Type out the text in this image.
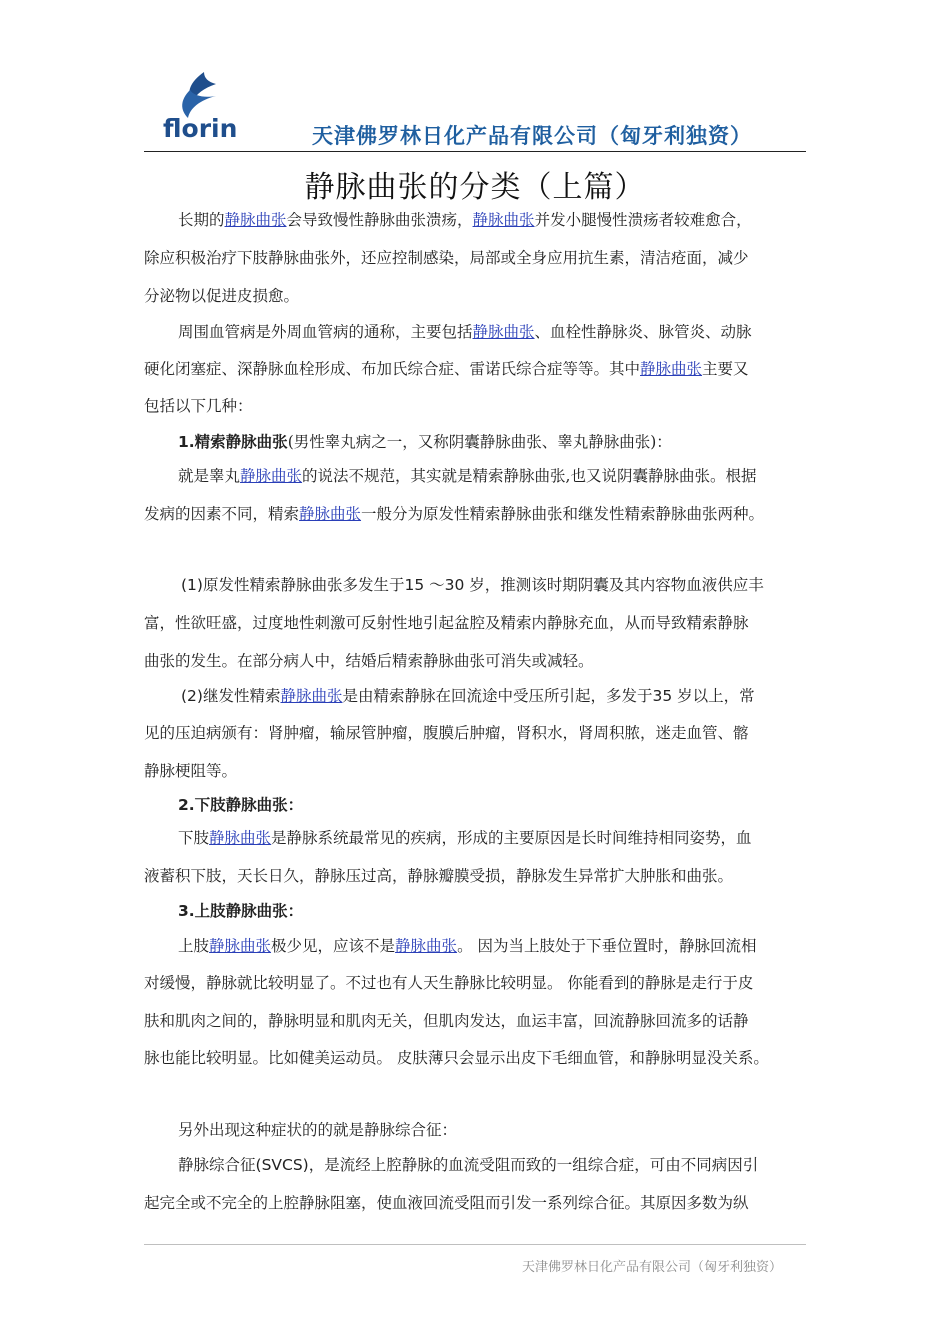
florin	天津佛罗林日化产品有限公司（匈牙利独资）
静脉曲张的分类（上篇）
长期的静脉曲张会导致慢性静脉曲张溃疡，静脉曲张并发小腿慢性溃疡者较难愈合，
除应积极治疗下肢静脉曲张外，还应控制感染，局部或全身应用抗生素，清洁疮面，减少
分泌物以促进皮损愈。
周围血管病是外周血管病的通称，主要包括静脉曲张、血栓性静脉炎、脉管炎、动脉
硬化闭塞症、深静脉血栓形成、布加氏综合症、雷诺氏综合症等等。其中静脉曲张主要又
包括以下几种：
1.精索静脉曲张(男性睾丸病之一，又称阴囊静脉曲张、睾丸静脉曲张)：
就是睾丸静脉曲张的说法不规范，其实就是精索静脉曲张,也又说阴囊静脉曲张。根据
发病的因素不同，精索静脉曲张一般分为原发性精索静脉曲张和继发性精索静脉曲张两种。
(1)原发性精索静脉曲张多发生于15 ～30 岁，推测该时期阴囊及其内容物血液供应丰
富，性欲旺盛，过度地性刺激可反射性地引起盆腔及精索内静脉充血，从而导致精索静脉
曲张的发生。在部分病人中，结婚后精索静脉曲张可消失或减轻。
(2)继发性精索静脉曲张是由精索静脉在回流途中受压所引起，多发于35 岁以上，常
见的压迫病颁有：肾肿瘤，输尿管肿瘤，腹膜后肿瘤，肾积水，肾周积脓，迷走血管、髂
静脉梗阻等。
2.下肢静脉曲张：
下肢静脉曲张是静脉系统最常见的疾病，形成的主要原因是长时间维持相同姿势，血
液蓄积下肢，天长日久，静脉压过高，静脉瓣膜受损，静脉发生异常扩大肿胀和曲张。
3.上肢静脉曲张：
上肢静脉曲张极少见，应该不是静脉曲张。 因为当上肢处于下垂位置时，静脉回流相
对缓慢，静脉就比较明显了。不过也有人天生静脉比较明显。 你能看到的静脉是走行于皮
肤和肌肉之间的，静脉明显和肌肉无关，但肌肉发达，血运丰富，回流静脉回流多的话静
脉也能比较明显。比如健美运动员。 皮肤薄只会显示出皮下毛细血管，和静脉明显没关系。
另外出现这种症状的的就是静脉综合征：
静脉综合征(SVCS)，是流经上腔静脉的血流受阻而致的一组综合症，可由不同病因引
起完全或不完全的上腔静脉阻塞，使血液回流受阻而引发一系列综合征。其原因多数为纵
天津佛罗林日化产品有限公司（匈牙利独资）
